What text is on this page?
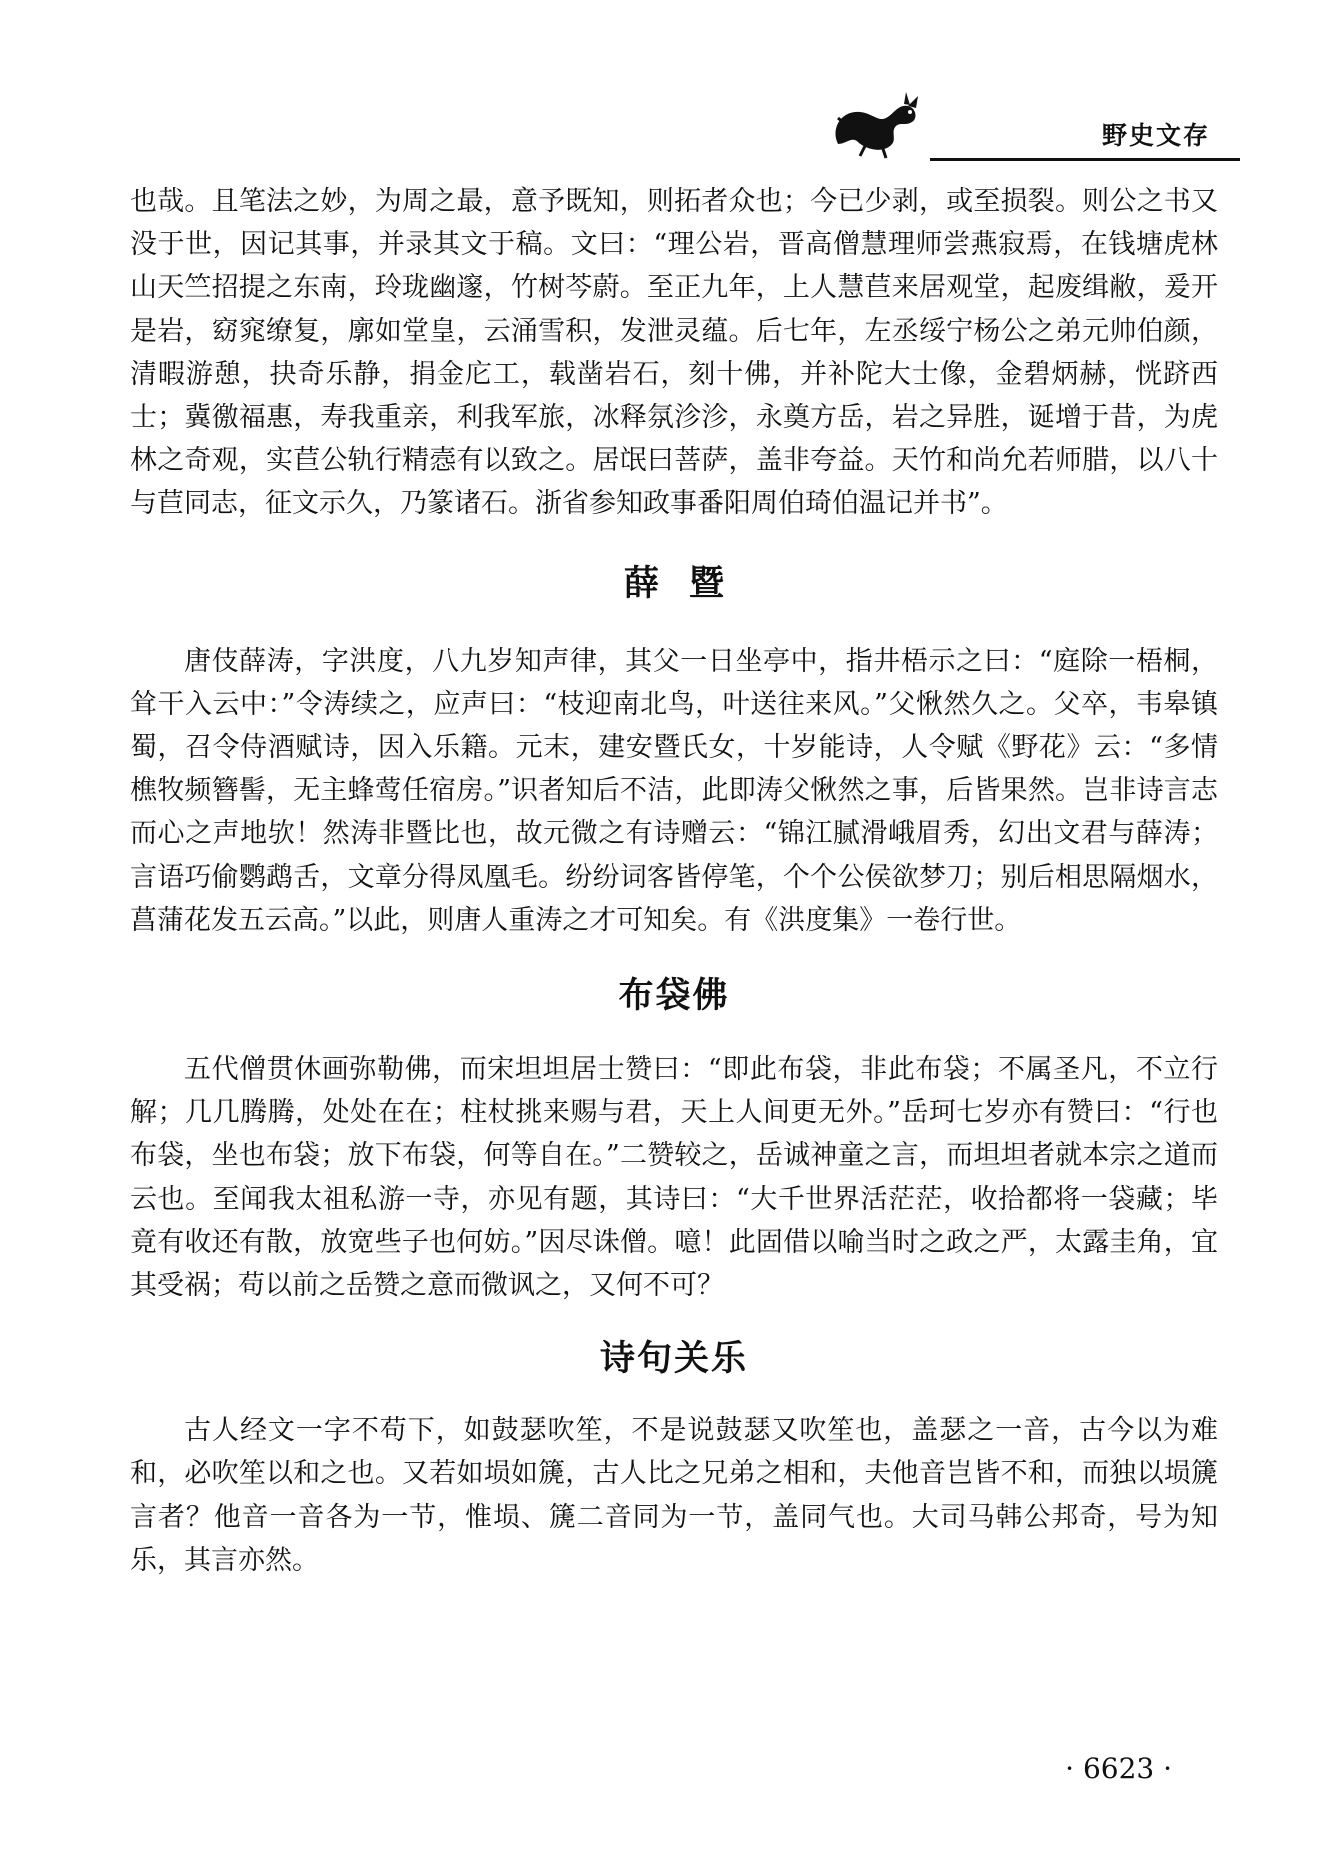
野史文存

也哉。且笔法之妙，为周之最，意予既知，则拓者众也；今已少剥，或至损裂。则公之书又没于世，因记其事，并录其文于稿。文曰：“理公岩，晋高僧慧理师尝燕寂焉，在钱塘虎林山天竺招提之东南，玲珑幽邃，竹树芩蔚。至正九年，上人慧苣来居观堂，起废缉敝，爰开是岩，窈窕缭复，廓如堂皇，云涌雪积，发泄灵蕴。后七年，左丞绥宁杨公之弟元帅伯颜，清暇游憩，抉奇乐静，捐金庀工，载凿岩石，刻十佛，并补陀大士像，金碧炳赫，恍跻西士；冀徼福惠，寿我重亲，利我军旅，冰释氛沴沴，永奠方岳，岩之异胜，诞增于昔，为虎林之奇观，实苣公轨行精悫有以致之。居氓曰菩萨，盖非夸益。天竹和尚允若师腊，以八十与苣同志，征文示久，乃篆诸石。浙省参知政事番阳周伯琦伯温记并书”。

薛暨

唐伎薛涛，字洪度，八九岁知声律，其父一日坐亭中，指井梧示之曰：“庭除一梧桐，耸干入云中：”令涛续之，应声曰：“枝迎南北鸟，叶送往来风。”父愀然久之。父卒，韦皋镇蜀，召令侍酒赋诗，因入乐籍。元末，建安暨氏女，十岁能诗，人令赋《野花》云：“多情樵牧频簪髻，无主蜂莺任宿房。”识者知后不洁，此即涛父愀然之事，后皆果然。岂非诗言志而心之声地欤！然涛非暨比也，故元微之有诗赠云：“锦江腻滑峨眉秀，幻出文君与薛涛；言语巧偷鹦鹉舌，文章分得凤凰毛。纷纷词客皆停笔，个个公侯欲梦刀；别后相思隔烟水，菖蒲花发五云高。”以此，则唐人重涛之才可知矣。有《洪度集》一卷行世。

布袋佛

五代僧贯休画弥勒佛，而宋坦坦居士赞曰：“即此布袋，非此布袋；不属圣凡，不立行解；几几腾腾，处处在在；柱杖挑来赐与君，天上人间更无外。”岳珂七岁亦有赞曰：“行也布袋，坐也布袋；放下布袋，何等自在。”二赞较之，岳诚神童之言，而坦坦者就本宗之道而云也。至闻我太祖私游一寺，亦见有题，其诗曰：“大千世界活茫茫，收拾都将一袋藏；毕竟有收还有散，放宽些子也何妨。”因尽诛僧。噫！此固借以喻当时之政之严，太露圭角，宜其受祸；苟以前之岳赞之意而微讽之，又何不可？

诗句关乐

古人经文一字不苟下，如鼓瑟吹笙，不是说鼓瑟又吹笙也，盖瑟之一音，古今以为难和，必吹笙以和之也。又若如埙如篪，古人比之兄弟之相和，夫他音岂皆不和，而独以埙篪言者？他音一音各为一节，惟埙、篪二音同为一节，盖同气也。大司马韩公邦奇，号为知乐，其言亦然。

· 6623 ·
